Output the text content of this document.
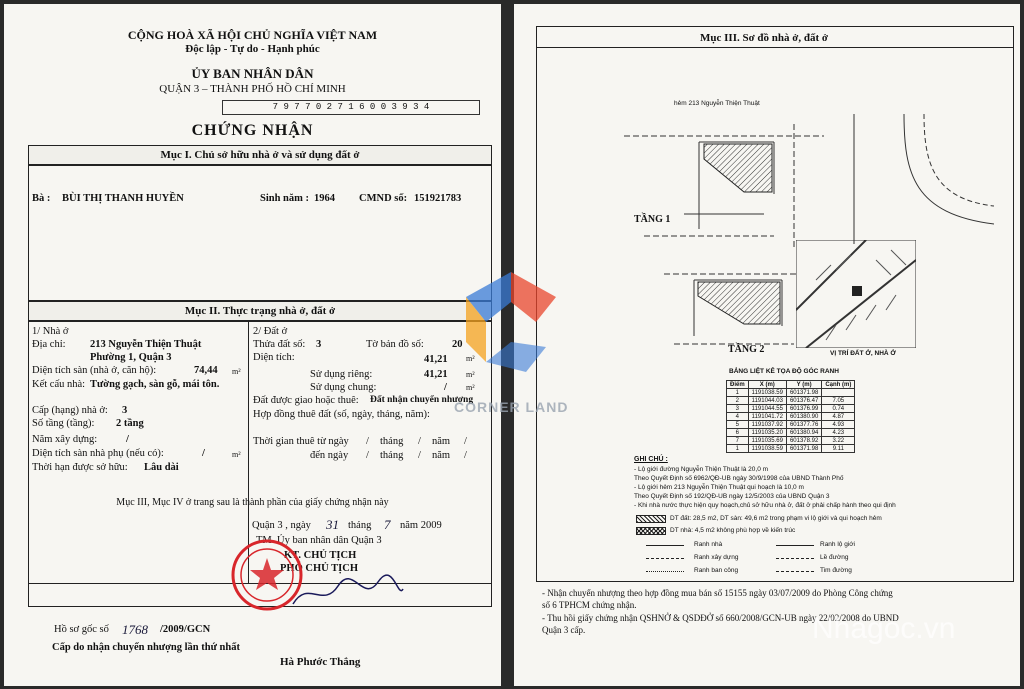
CỘNG HOÀ XÃ HỘI CHỦ NGHĨA VIỆT NAM
Độc lập - Tự do - Hạnh phúc
ỦY BAN NHÂN DÂN
QUẬN 3 – THÀNH PHỐ HỒ CHÍ MINH
7 9 7 7 0 2 7 1 6 0 0 3 9 3 4
CHỨNG NHẬN
Mục I. Chủ sở hữu nhà ở và sử dụng đất ở
Bà : BÙI THỊ THANH HUYỀN	Sinh năm : 1964 CMND số: 151921783
Mục II. Thực trạng nhà ở, đất ở
1/ Nhà ở
Địa chỉ: 213 Nguyễn Thiện Thuật
Phường 1, Quận 3
Diện tích sàn (nhà ở, căn hộ):	74,44 m²
Kết cấu nhà: Tường gạch, sàn gỗ, mái tôn.
Cấp (hạng) nhà ở: 3
Số tầng (tầng): 2 tầng
Năm xây dựng:	/
Diện tích sàn nhà phụ (nếu có):	/	m²
Thời hạn được sở hữu: Lâu dài
2/ Đất ở
Thửa đất số: 3	Tờ bản đồ số:	20
Diện tích:	41,21 m²
Sử dụng riêng:	41,21 m²
Sử dụng chung:	/ m²
Đất được giao hoặc thuê: Đất nhận chuyển nhượng
Hợp đồng thuê đất (số, ngày, tháng, năm):
Thời gian thuê từ ngày / tháng / năm /
đến ngày / tháng / năm /
Mục III, Mục IV ở trang sau là thành phần của giấy chứng nhận này
Quận 3 , ngày 31 tháng 7 năm 2009
TM. Ủy ban nhân dân Quận 3
KT. CHỦ TỊCH
PHÓ CHỦ TỊCH
Hà Phước Thắng
Hồ sơ gốc số 1768 /2009/GCN
Cấp do nhận chuyển nhượng lần thứ nhất
Mục III. Sơ đồ nhà ở, đất ở
hẻm 213 Nguyễn Thiện Thuật
TẦNG 1
TẦNG 2	VỊ TRÍ ĐẤT Ở, NHÀ Ở
BẢNG LIỆT KÊ TỌA ĐỘ GÓC RANH
Điểm	X (m)	Y (m)	Cạnh (m)
1	1191038.59	601371.98	
2	1191044.03	601376.47	7.05
3	1191044.55	601376.99	0.74
4	1191041.72	601380.90	4.87
5	1191037.92	601377.76	4.93
6	1191035.20	601380.94	4.23
7	1191035.69	601378.92	3.22
1	1191038.59	601371.98	9.11
GHI CHÚ :
- Lộ giới đường Nguyễn Thiện Thuật là 20,0 m
Theo Quyết Định số 6962/QĐ-UB ngày 30/9/1998 của UBND Thành Phố
- Lộ giới hẻm 213 Nguyễn Thiện Thuật qui hoạch là 10,0 m
Theo Quyết Định số 192/QĐ-UB ngày 12/5/2003 của UBND Quận 3
- Khi nhà nước thực hiện quy hoạch,chủ sở hữu nhà ở, đất ở phải chấp hành theo qui định
DT đất: 28,5 m2, DT sàn: 49,6 m2 trong phạm vi lộ giới và qui hoạch hẻm
DT nhà: 4,5 m2 không phù hợp về kiến trúc
Ranh nhà	Ranh lộ giới
Ranh xây dựng	Lề đường
Ranh ban công	Tim đường
- Nhận chuyển nhượng theo hợp đồng mua bán số 15155 ngày 03/07/2009 do Phòng Công chứng
số 6 TPHCM chứng nhận.
- Thu hồi giấy chứng nhận QSHNỞ & QSDĐỞ số 660/2008/GCN-UB ngày 22/02/2008 do UBND
Quận 3 cấp.
CORNER LAND
Nhagoc.vn
